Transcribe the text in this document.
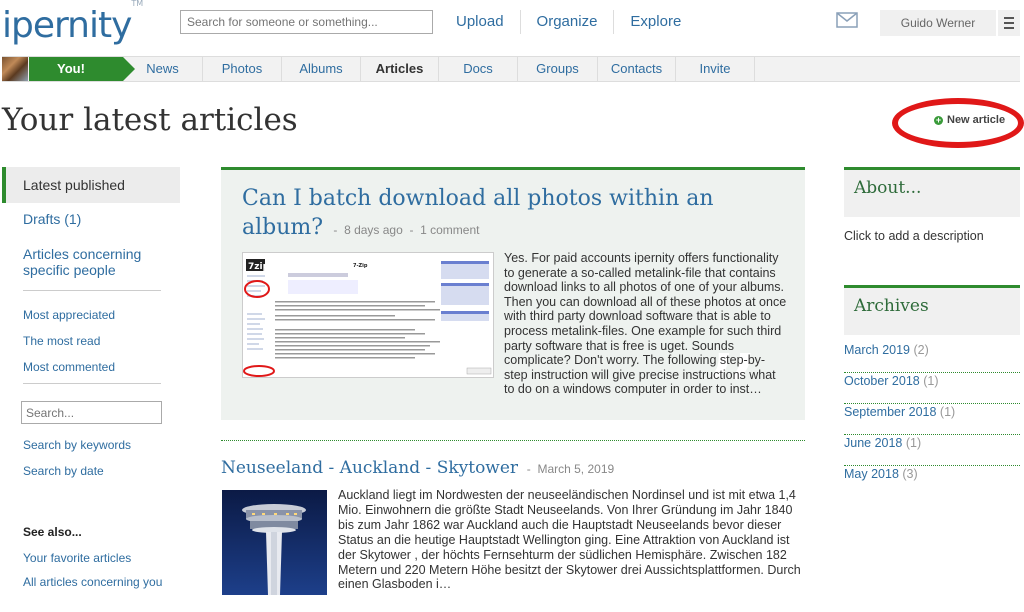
ipernity™
Search for someone or something...
Upload	Organize	Explore	Guido Werner
You!	News	Photos	Albums	Articles	Docs	Groups	Contacts	Invite
Your latest articles	+ New article
Latest published
Drafts (1)
Articles concerning specific people
Most appreciated
The most read
Most commented
Search...
Search by keywords
Search by date
See also...
Your favorite articles
All articles concerning you
”
Can I batch download all photos within an album?  -  8 days ago  -  1 comment
7zip	7-Zip
Yes. For paid accounts ipernity offers functionality to generate a so-called metalink-file that contains download links to all photos of one of your albums. Then you can download all of these photos at once with third party download software that is able to process metalink-files. One example for such third party software that is free is uget. Sounds complicate? Don't worry. The following step-by-step instruction will give precise instructions what to do on a windows computer in order to inst…
Neuseeland - Auckland - Skytower  -  March 5, 2019
Auckland liegt im Nordwesten der neuseeländischen Nordinsel und ist mit etwa 1,4 Mio. Einwohnern die größte Stadt Neuseelands. Von Ihrer Gründung im Jahr 1840 bis zum Jahr 1862 war Auckland auch die Hauptstadt Neuseelands bevor dieser Status an die heutige Hauptstadt Wellington ging. Eine Attraktion von Auckland ist der Skytower , der höchts Fernsehturm der südlichen Hemisphäre. Zwischen 182 Metern und 220 Metern Höhe besitzt der Skytower drei Aussichtsplattformen. Durch einen Glasboden i…
About...
Click to add a description
Archives
March 2019 (2)
October 2018 (1)
September 2018 (1)
June 2018 (1)
May 2018 (3)
